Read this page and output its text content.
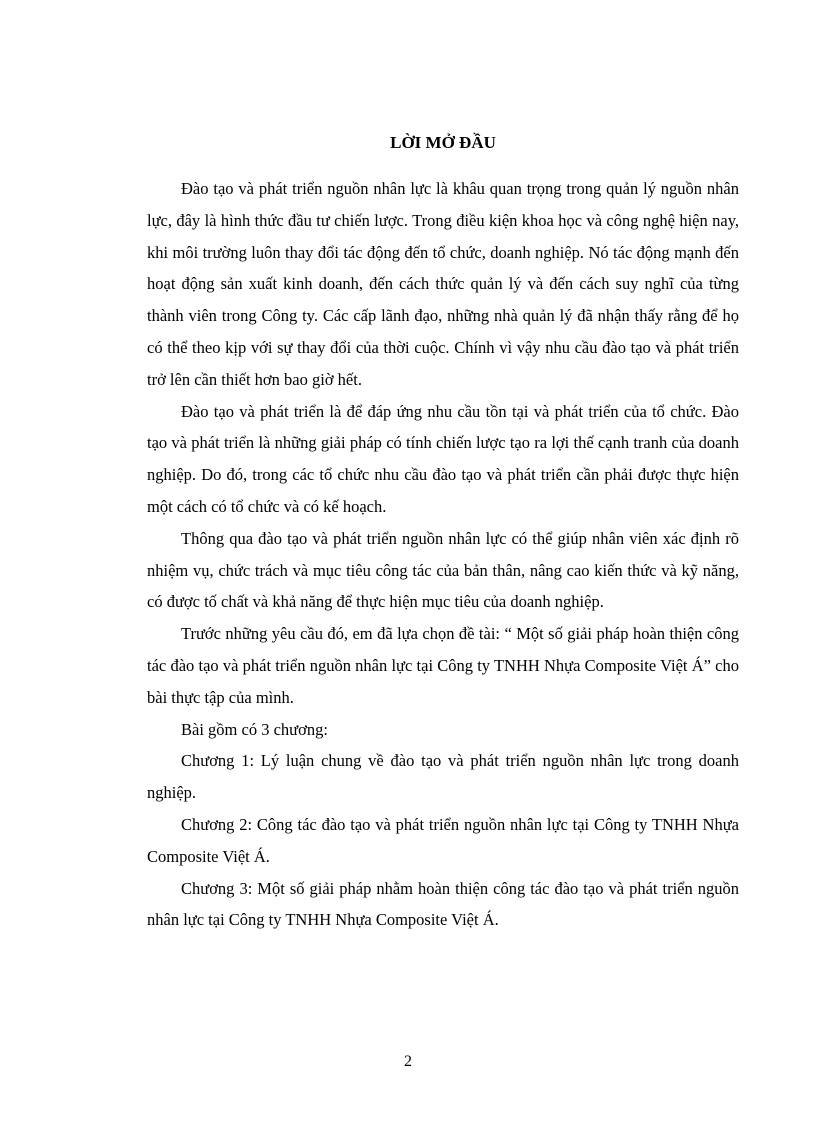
LỜI MỞ ĐẦU

Đào tạo và phát triển nguồn nhân lực là khâu quan trọng trong quản lý nguồn nhân lực, đây là hình thức đầu tư chiến lược. Trong điều kiện khoa học và công nghệ hiện nay, khi môi trường luôn thay đổi tác động đến tổ chức, doanh nghiệp. Nó tác động mạnh đến hoạt động sản xuất kinh doanh, đến cách thức quản lý và đến cách suy nghĩ của từng thành viên trong Công ty. Các cấp lãnh đạo, những nhà quản lý đã nhận thấy rằng để họ có thể theo kịp với sự thay đổi của thời cuộc. Chính vì vậy nhu cầu đào tạo và phát triển trở lên cần thiết hơn bao giờ hết.

Đào tạo và phát triển là để đáp ứng nhu cầu tồn tại và phát triển của tổ chức. Đào tạo và phát triển là những giải pháp có tính chiến lược tạo ra lợi thế cạnh tranh của doanh nghiệp. Do đó, trong các tổ chức nhu cầu đào tạo và phát triển cần phải được thực hiện một cách có tổ chức và có kế hoạch.

Thông qua đào tạo và phát triển nguồn nhân lực có thể giúp nhân viên xác định rõ nhiệm vụ, chức trách và mục tiêu công tác của bản thân, nâng cao kiến thức và kỹ năng, có được tố chất và khả năng để thực hiện mục tiêu của doanh nghiệp.

Trước những yêu cầu đó, em đã lựa chọn đề tài: “ Một số giải pháp hoàn thiện công tác đào tạo và phát triển nguồn nhân lực tại Công ty TNHH Nhựa Composite Việt Á” cho bài thực tập của mình.

Bài gồm có 3 chương:

Chương 1: Lý luận chung về đào tạo và phát triển nguồn nhân lực trong doanh nghiệp.

Chương 2: Công tác đào tạo và phát triển nguồn nhân lực tại Công ty TNHH Nhựa Composite Việt Á.

Chương 3: Một số giải pháp nhằm hoàn thiện công tác đào tạo và phát triển nguồn nhân lực tại Công ty TNHH Nhựa Composite Việt Á.

2
